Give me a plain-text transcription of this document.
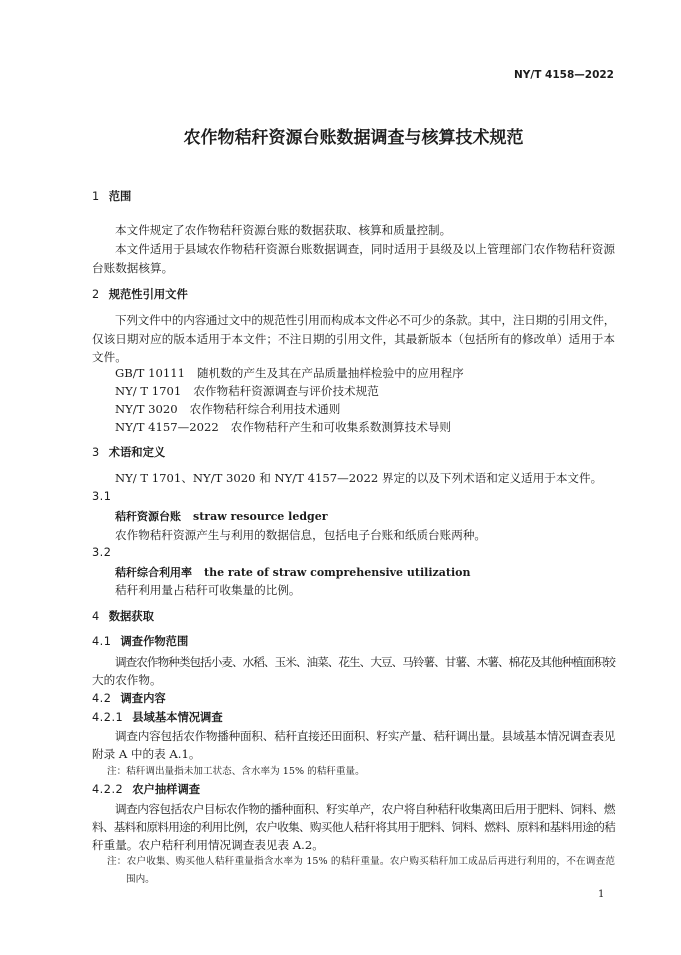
NY/T 4158—2022
农作物秸秆资源台账数据调查与核算技术规范
1 范围
本文件规定了农作物秸秆资源台账的数据获取、核算和质量控制。
本文件适用于县域农作物秸秆资源台账数据调查，同时适用于县级及以上管理部门农作物秸秆资源
台账数据核算。
2 规范性引用文件
下列文件中的内容通过文中的规范性引用而构成本文件必不可少的条款。其中，注日期的引用文件，
仅该日期对应的版本适用于本文件；不注日期的引用文件，其最新版本（包括所有的修改单）适用于本
文件。
GB/T 10111 随机数的产生及其在产品质量抽样检验中的应用程序
NY/ T 1701 农作物秸秆资源调查与评价技术规范
NY/T 3020 农作物秸秆综合利用技术通则
NY/T 4157—2022 农作物秸秆产生和可收集系数测算技术导则
3 术语和定义
NY/ T 1701、NY/T 3020 和 NY/T 4157—2022 界定的以及下列术语和定义适用于本文件。
3.1
秸秆资源台账 straw resource ledger
农作物秸秆资源产生与利用的数据信息，包括电子台账和纸质台账两种。
3.2
秸秆综合利用率 the rate of straw comprehensive utilization
秸秆利用量占秸秆可收集量的比例。
4 数据获取
4.1 调查作物范围
调查农作物种类包括小麦、水稻、玉米、油菜、花生、大豆、马铃薯、甘薯、木薯、棉花及其他种植面积较
大的农作物。
4.2 调查内容
4.2.1 县域基本情况调查
调查内容包括农作物播种面积、秸秆直接还田面积、籽实产量、秸秆调出量。县域基本情况调查表见
附录 A 中的表 A.1。
注：秸秆调出量指未加工状态、含水率为 15% 的秸秆重量。
4.2.2 农户抽样调查
调查内容包括农户目标农作物的播种面积、籽实单产，农户将自种秸秆收集离田后用于肥料、饲料、燃
料、基料和原料用途的利用比例，农户收集、购买他人秸秆将其用于肥料、饲料、燃料、原料和基料用途的秸
秆重量。农户秸秆利用情况调查表见表 A.2。
注：农户收集、购买他人秸秆重量指含水率为 15% 的秸秆重量。农户购买秸秆加工成品后再进行利用的，不在调查范
围内。
1
